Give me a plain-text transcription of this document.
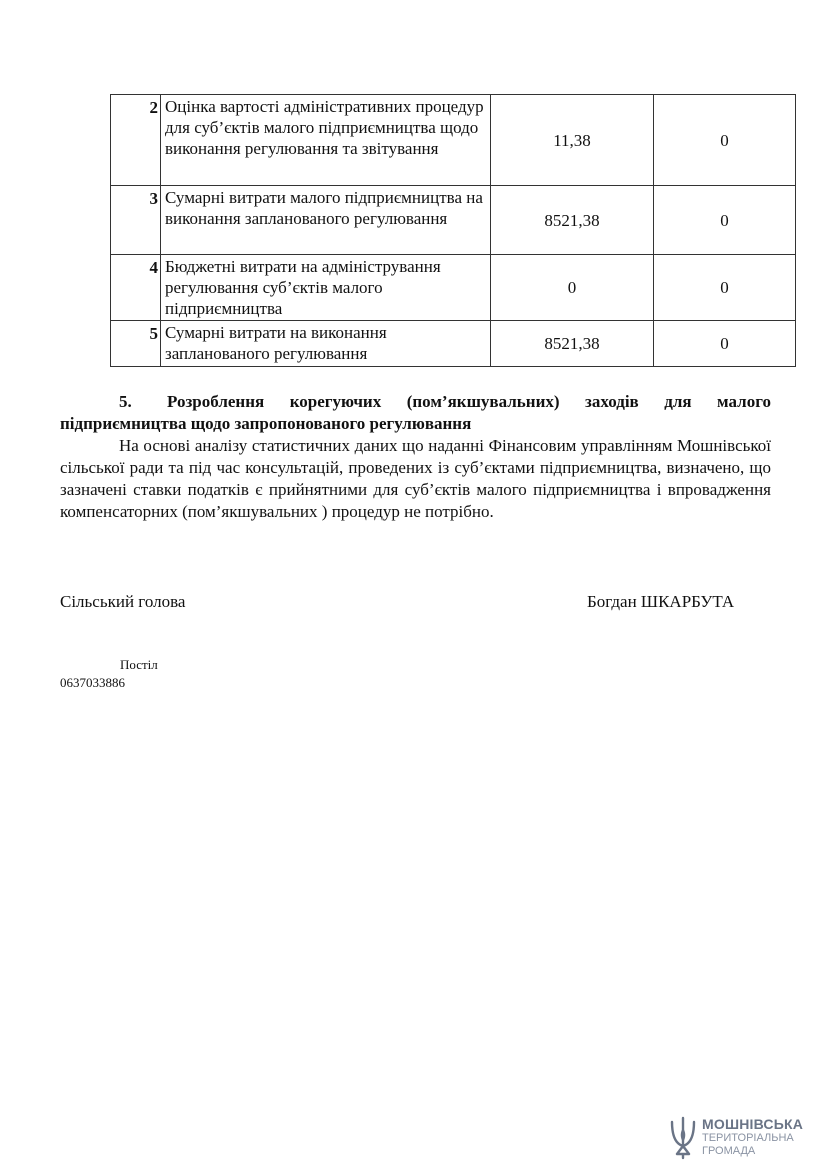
2	Оцінка вартості адміністративних процедур для суб’єктів малого підприємництва щодо виконання регулювання та звітування	11,38	0
3	Сумарні витрати малого підприємництва на виконання запланованого регулювання	8521,38	0
4	Бюджетні витрати на адміністрування регулювання суб’єктів малого підприємництва	0	0
5	Сумарні витрати на виконання запланованого регулювання	8521,38	0

5. Розроблення корегуючих (пом’якшувальних) заходів для малого підприємництва щодо запропонованого регулювання

На основі аналізу статистичних даних що наданні Фінансовим управлінням Мошнівської сільської ради та під час консультацій, проведених із суб’єктами підприємництва, визначено, що зазначені ставки податків є прийнятними для суб’єктів малого підприємництва і впровадження компенсаторних (пом’якшувальних ) процедур не потрібно.

Сільський голова	Богдан ШКАРБУТА
Постіл
0637033886
МОШНІВСЬКА
ТЕРИТОРІАЛЬНА
ГРОМАДА
